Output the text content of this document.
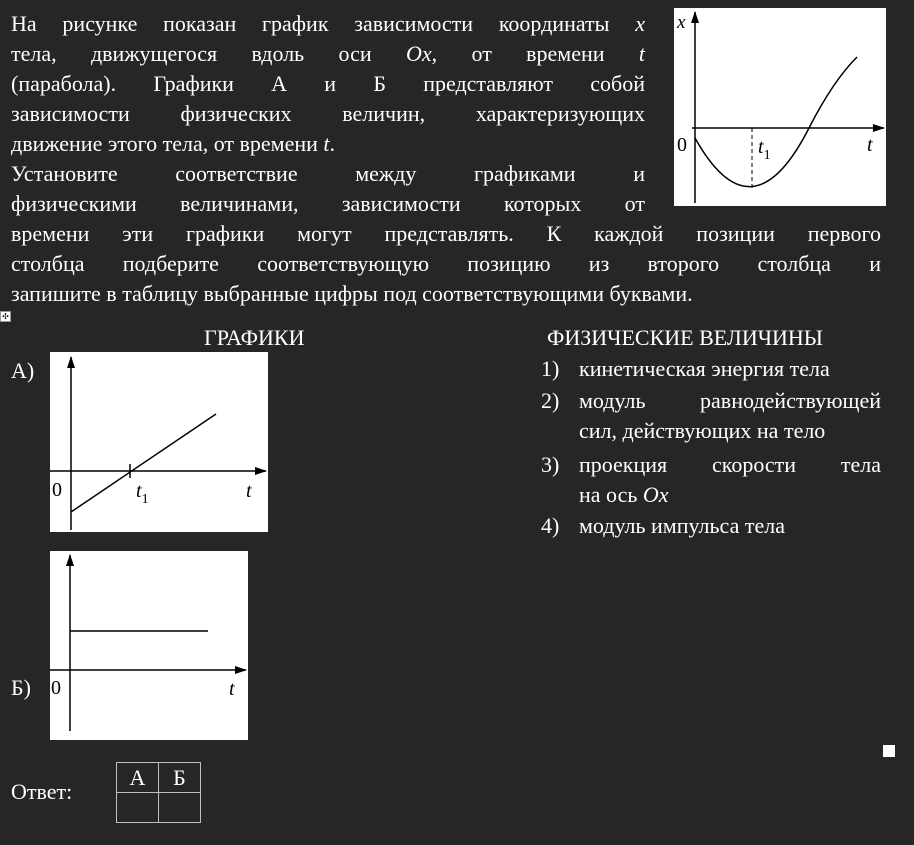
На рисунке показан график зависимости координаты x
тела, движущегося вдоль оси Ox, от времени t
(парабола). Графики А и Б представляют собой
зависимости физических величин, характеризующих
движение этого тела, от времени t.
Установите соответствие между графиками и
физическими величинами, зависимости которых от
времени эти графики могут представлять. К каждой позиции первого
столбца подберите соответствующую позицию из второго столбца и
запишите в таблицу выбранные цифры под соответствующими буквами.
x
0	t
$t_1$
✣
ГРАФИКИ	ФИЗИЧЕСКИЕ ВЕЛИЧИНЫ
А)
0	t
$t_1$
0	t
Б)
1) кинетическая энергия тела
2) модуль равнодействующей
сил, действующих на тело
3) проекция скорости тела
на ось Ox
4) модуль импульса тела
Ответ:
А	Б
